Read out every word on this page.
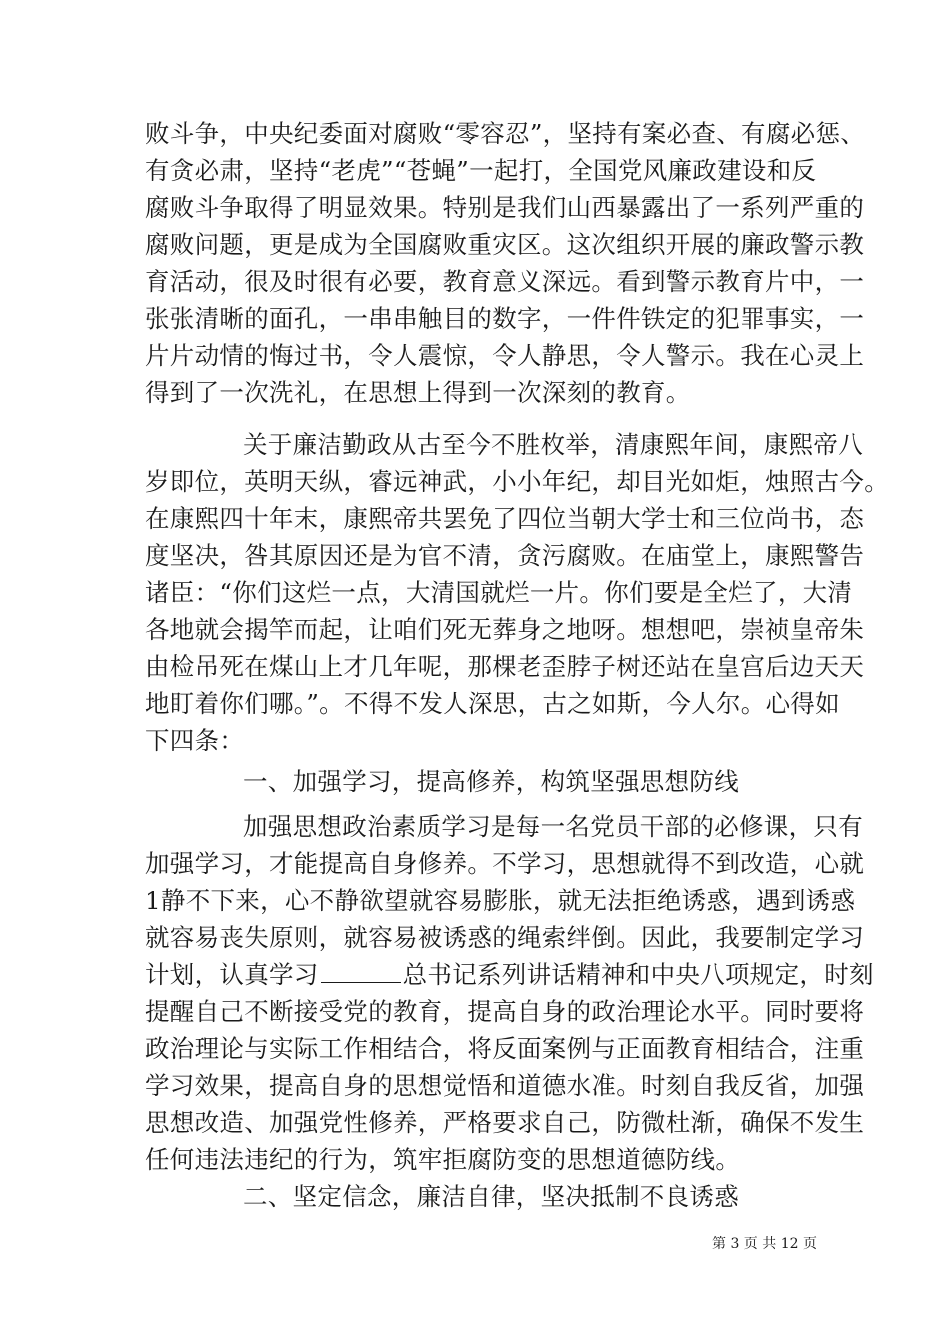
败斗争，中央纪委面对腐败“零容忍”，坚持有案必查、有腐必惩、
有贪必肃，坚持“老虎”“苍蝇”一起打，全国党风廉政建设和反
腐败斗争取得了明显效果。特别是我们山西暴露出了一系列严重的
腐败问题，更是成为全国腐败重灾区。这次组织开展的廉政警示教
育活动，很及时很有必要，教育意义深远。看到警示教育片中，一
张张清晰的面孔，一串串触目的数字，一件件铁定的犯罪事实，一
片片动情的悔过书，令人震惊，令人静思，令人警示。我在心灵上
得到了一次洗礼，在思想上得到一次深刻的教育。
关于廉洁勤政从古至今不胜枚举，清康熙年间，康熙帝八
岁即位，英明天纵，睿远神武，小小年纪，却目光如炬，烛照古今。
在康熙四十年末，康熙帝共罢免了四位当朝大学士和三位尚书，态
度坚决，咎其原因还是为官不清，贪污腐败。在庙堂上，康熙警告
诸臣：“你们这烂一点，大清国就烂一片。你们要是全烂了，大清
各地就会揭竿而起，让咱们死无葬身之地呀。想想吧，崇祯皇帝朱
由检吊死在煤山上才几年呢，那棵老歪脖子树还站在皇宫后边天天
地盯着你们哪。”。不得不发人深思，古之如斯，今人尔。心得如
下四条：
一、加强学习，提高修养，构筑坚强思想防线
加强思想政治素质学习是每一名党员干部的必修课，只有
加强学习，才能提高自身修养。不学习，思想就得不到改造，心就
1静不下来，心不静欲望就容易膨胀，就无法拒绝诱惑，遇到诱惑
就容易丧失原则，就容易被诱惑的绳索绊倒。因此，我要制定学习
计划，认真学习	总书记系列讲话精神和中央八项规定，时刻
提醒自己不断接受党的教育，提高自身的政治理论水平。同时要将
政治理论与实际工作相结合，将反面案例与正面教育相结合，注重
学习效果，提高自身的思想觉悟和道德水准。时刻自我反省，加强
思想改造、加强党性修养，严格要求自己，防微杜渐，确保不发生
任何违法违纪的行为，筑牢拒腐防变的思想道德防线。
二、坚定信念，廉洁自律，坚决抵制不良诱惑
第 3 页 共 12 页
